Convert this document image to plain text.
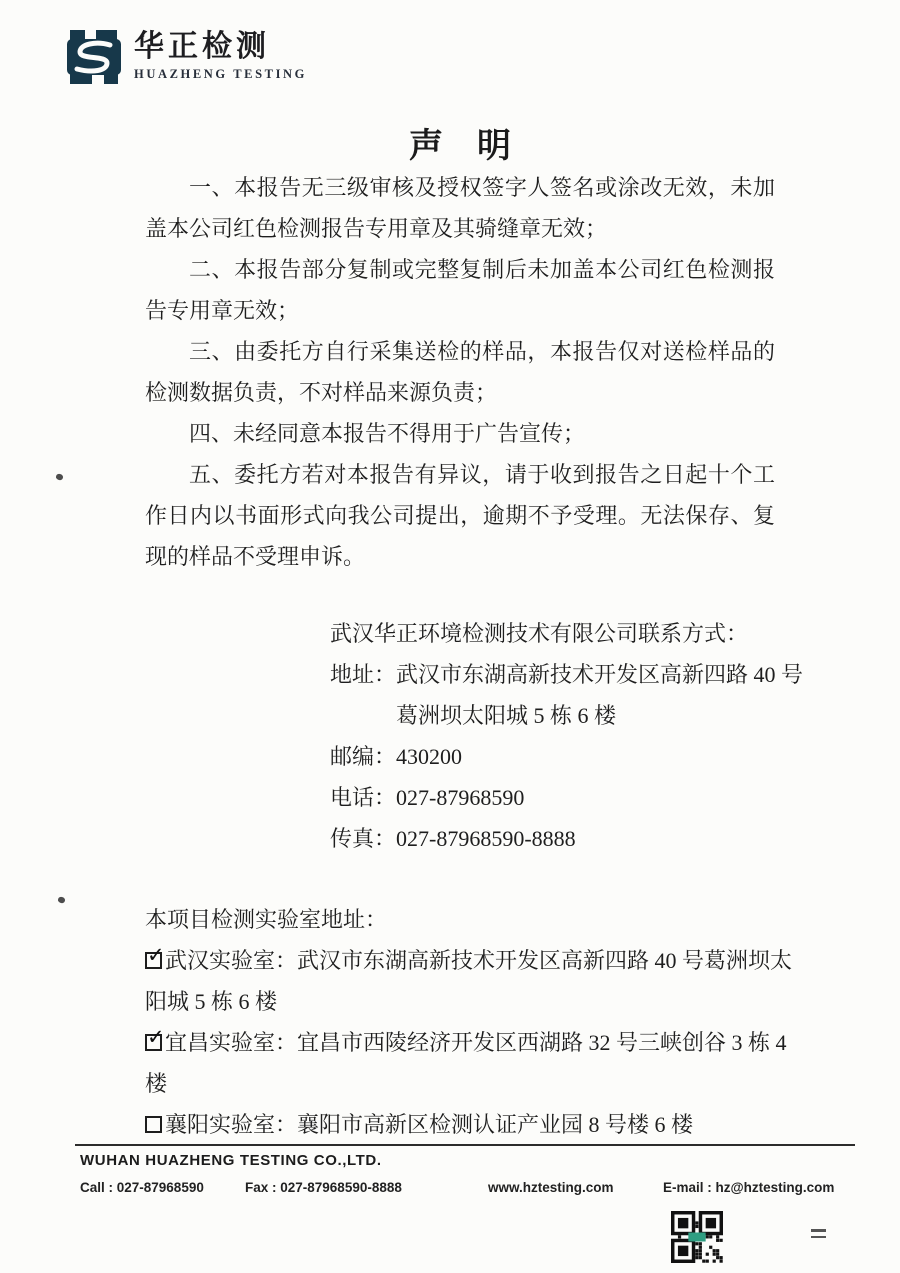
华正检测
HUAZHENG TESTING
声　明

一、本报告无三级审核及授权签字人签名或涂改无效，未加盖本公司红色检测报告专用章及其骑缝章无效；

二、本报告部分复制或完整复制后未加盖本公司红色检测报告专用章无效；

三、由委托方自行采集送检的样品，本报告仅对送检样品的检测数据负责，不对样品来源负责；

四、未经同意本报告不得用于广告宣传；

五、委托方若对本报告有异议，请于收到报告之日起十个工作日内以书面形式向我公司提出，逾期不予受理。无法保存、复现的样品不受理申诉。

武汉华正环境检测技术有限公司联系方式：

地址：武汉市东湖高新技术开发区高新四路 40 号

葛洲坝太阳城 5 栋 6 楼

邮编：430200

电话：027-87968590

传真：027-87968590-8888

本项目检测实验室地址：

✓ 武汉实验室：武汉市东湖高新技术开发区高新四路 40 号葛洲坝太阳城 5 栋 6 楼

✓ 宜昌实验室：宜昌市西陵经济开发区西湖路 32 号三峡创谷 3 栋 4 楼

襄阳实验室：襄阳市高新区检测认证产业园 8 号楼 6 楼

WUHAN HUAZHENG TESTING CO.,LTD.
Call : 027-87968590	Fax : 027-87968590-8888	www.hztesting.com	E-mail : hz@hztesting.com
